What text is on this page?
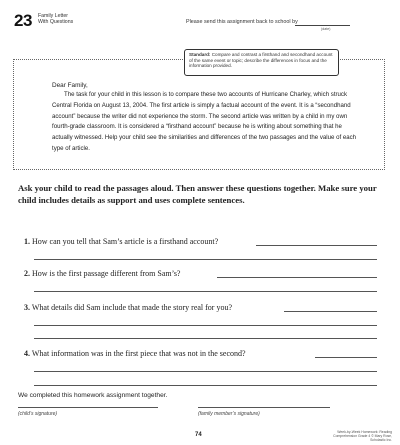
23 Family Letter
With Questions	Please send this assignment back to school by
(date)
Standard: Compare and contrast a firsthand and secondhand account of the same event or topic; describe the differences in focus and the information provided.
Dear Family,
The task for your child in this lesson is to compare these two accounts of Hurricane Charley, which struck Central Florida on August 13, 2004. The first article is simply a factual account of the event. It is a “secondhand account” because the writer did not experience the storm. The second article was written by a child in my own fourth-grade classroom. It is considered a “firsthand account” because he is writing about something that he actually witnessed. Help your child see the similarities and differences of the two passages and the value of each type of article.
Ask your child to read the passages aloud. Then answer these questions together. Make sure your child includes details as support and uses complete sentences.
1. How can you tell that Sam’s article is a firsthand account?
2. How is the first passage different from Sam’s?
3. What details did Sam include that made the story real for you?
4. What information was in the first piece that was not in the second?
We completed this homework assignment together.
(child’s signature)	(family member’s signature)
74	Week-by-Week Homework: Reading Comprehension Grade 4 © Mary Rose, Scholastic Inc.
